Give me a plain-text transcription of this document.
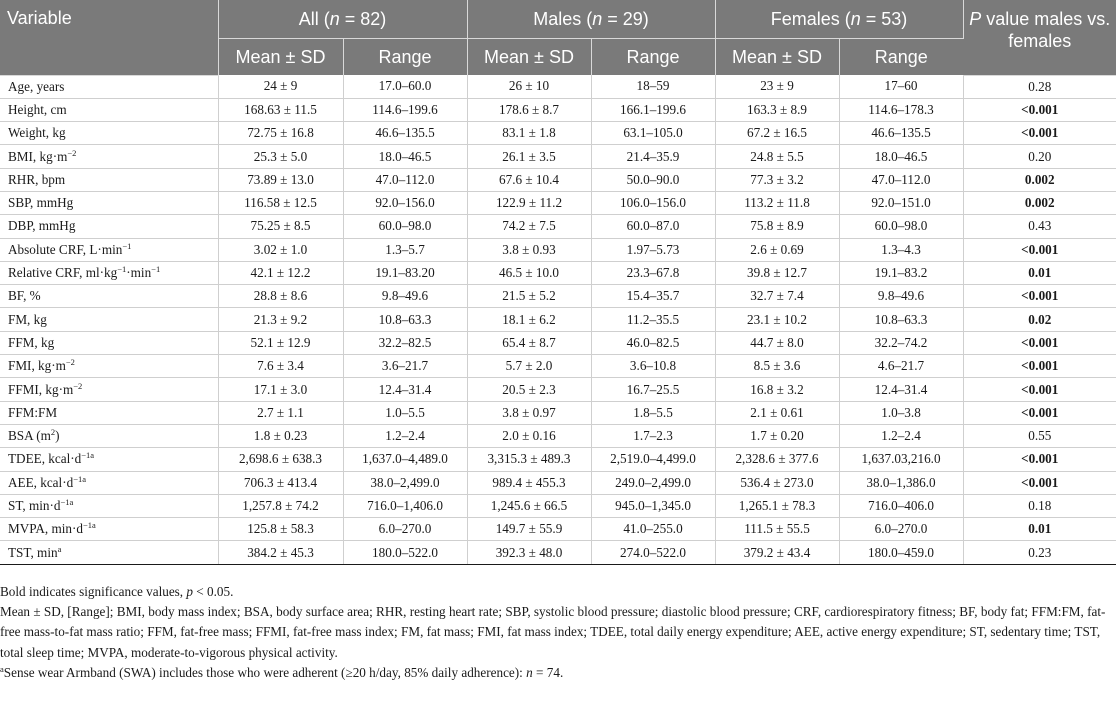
Variable	All (n = 82)		Males (n = 29)		Females (n = 53)		P value males vs. females
	Mean ± SD	Range	Mean ± SD	Range	Mean ± SD	Range	
Age, years	24 ± 9	17.0–60.0	26 ± 10	18–59	23 ± 9	17–60	0.28
Height, cm	168.63 ± 11.5	114.6–199.6	178.6 ± 8.7	166.1–199.6	163.3 ± 8.9	114.6–178.3	<0.001
Weight, kg	72.75 ± 16.8	46.6–135.5	83.1 ± 1.8	63.1–105.0	67.2 ± 16.5	46.6–135.5	<0.001
BMI, $kg\cdot m^{-2}$	25.3 ± 5.0	18.0–46.5	26.1 ± 3.5	21.4–35.9	24.8 ± 5.5	18.0–46.5	0.20
RHR, bpm	73.89 ± 13.0	47.0–112.0	67.6 ± 10.4	50.0–90.0	77.3 ± 3.2	47.0–112.0	0.002
SBP, mmHg	116.58 ± 12.5	92.0–156.0	122.9 ± 11.2	106.0–156.0	113.2 ± 11.8	92.0–151.0	0.002
DBP, mmHg	75.25 ± 8.5	60.0–98.0	74.2 ± 7.5	60.0–87.0	75.8 ± 8.9	60.0–98.0	0.43
Absolute CRF, $L\cdot\min^{-1}$	3.02 ± 1.0	1.3–5.7	3.8 ± 0.93	1.97–5.73	2.6 ± 0.69	1.3–4.3	<0.001
Relative CRF, $ml\cdot kg^{-1}\cdot\min^{-1}$	42.1 ± 12.2	19.1–83.20	46.5 ± 10.0	23.3–67.8	39.8 ± 12.7	19.1–83.2	0.01
BF, %	28.8 ± 8.6	9.8–49.6	21.5 ± 5.2	15.4–35.7	32.7 ± 7.4	9.8–49.6	<0.001
FM, kg	21.3 ± 9.2	10.8–63.3	18.1 ± 6.2	11.2–35.5	23.1 ± 10.2	10.8–63.3	0.02
FFM, kg	52.1 ± 12.9	32.2–82.5	65.4 ± 8.7	46.0–82.5	44.7 ± 8.0	32.2–74.2	<0.001
FMI, $kg\cdot m^{-2}$	7.6 ± 3.4	3.6–21.7	5.7 ± 2.0	3.6–10.8	8.5 ± 3.6	4.6–21.7	<0.001
FFMI, $kg\cdot m^{-2}$	17.1 ± 3.0	12.4–31.4	20.5 ± 2.3	16.7–25.5	16.8 ± 3.2	12.4–31.4	<0.001
FFM:FM	2.7 ± 1.1	1.0–5.5	3.8 ± 0.97	1.8–5.5	2.1 ± 0.61	1.0–3.8	<0.001
BSA $(m^2)$	1.8 ± 0.23	1.2–2.4	2.0 ± 0.16	1.7–2.3	1.7 ± 0.20	1.2–2.4	0.55
TDEE, $kcal\cdot d^{-1a}$	2,698.6 ± 638.3	1,637.0–4,489.0	3,315.3 ± 489.3	2,519.0–4,499.0	2,328.6 ± 377.6	1,637.03,216.0	<0.001
AEE, $kcal\cdot d^{-1a}$	706.3 ± 413.4	38.0–2,499.0	989.4 ± 455.3	249.0–2,499.0	536.4 ± 273.0	38.0–1,386.0	<0.001
ST, $\min\cdot d^{-1a}$	1,257.8 ± 74.2	716.0–1,406.0	1,245.6 ± 66.5	945.0–1,345.0	1,265.1 ± 78.3	716.0–406.0	0.18
MVPA, $\min\cdot d^{-1a}$	125.8 ± 58.3	6.0–270.0	149.7 ± 55.9	41.0–255.0	111.5 ± 55.5	6.0–270.0	0.01
TST, $\min^a$	384.2 ± 45.3	180.0–522.0	392.3 ± 48.0	274.0–522.0	379.2 ± 43.4	180.0–459.0	0.23

Bold indicates significance values, p < 0.05.

Mean ± SD, [Range]; BMI, body mass index; BSA, body surface area; RHR, resting heart rate; SBP, systolic blood pressure; diastolic blood pressure; CRF, cardiorespiratory fitness; BF, body fat; FFM:FM, fat-free mass-to-fat mass ratio; FFM, fat-free mass; FFMI, fat-free mass index; FM, fat mass; FMI, fat mass index; TDEE, total daily energy expenditure; AEE, active energy expenditure; ST, sedentary time; TST, total sleep time; MVPA, moderate-to-vigorous physical activity.

$^a$Sense wear Armband (SWA) includes those who were adherent (≥20 h/day, 85% daily adherence): n = 74.
